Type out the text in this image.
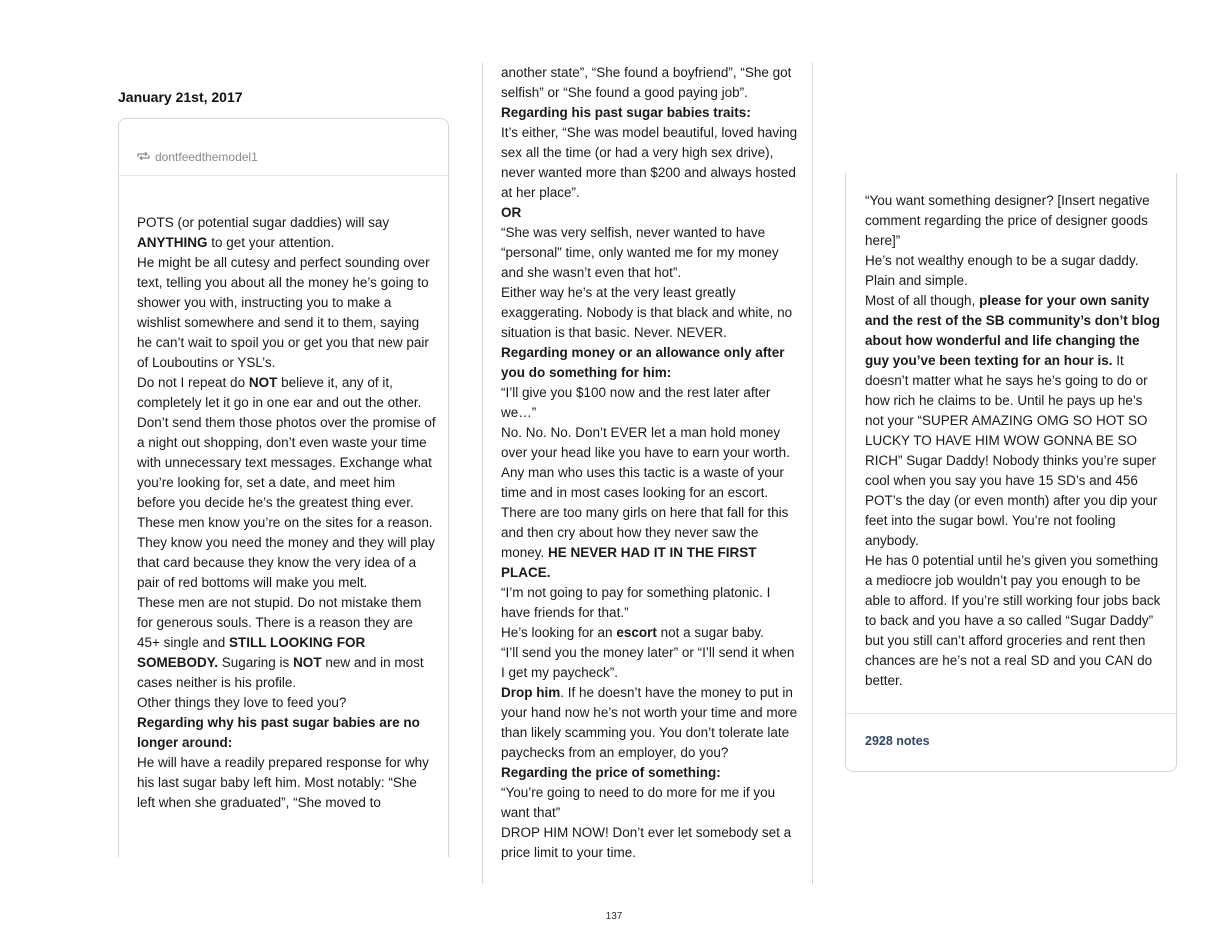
January 21st, 2017
dontfeedthemodel1

POTS (or potential sugar daddies) will say ANYTHING to get your attention.

He might be all cutesy and perfect sounding over text, telling you about all the money he’s going to shower you with, instructing you to make a wishlist somewhere and send it to them, saying he can’t wait to spoil you or get you that new pair of Louboutins or YSL’s.

Do not I repeat do NOT believe it, any of it, completely let it go in one ear and out the other. Don’t send them those photos over the promise of a night out shopping, don’t even waste your time with unnecessary text messages. Exchange what you’re looking for, set a date, and meet him before you decide he’s the greatest thing ever.

These men know you’re on the sites for a reason. They know you need the money and they will play that card because they know the very idea of a pair of red bottoms will make you melt.

These men are not stupid. Do not mistake them for generous souls. There is a reason they are 45+ single and STILL LOOKING FOR SOMEBODY. Sugaring is NOT new and in most cases neither is his profile.

Other things they love to feed you?

Regarding why his past sugar babies are no longer around:

He will have a readily prepared response for why his last sugar baby left him. Most notably: “She left when she graduated”, “She moved to

another state”, “She found a boyfriend”, “She got selfish” or “She found a good paying job”.

Regarding his past sugar babies traits:

It’s either, “She was model beautiful, loved having sex all the time (or had a very high sex drive), never wanted more than $200 and always hosted at her place”.

OR

“She was very selfish, never wanted to have “personal” time, only wanted me for my money and she wasn’t even that hot”.

Either way he’s at the very least greatly exaggerating. Nobody is that black and white, no situation is that basic. Never. NEVER.

Regarding money or an allowance only after you do something for him:

“I’ll give you $100 now and the rest later after we…”

No. No. No. Don’t EVER let a man hold money over your head like you have to earn your worth. Any man who uses this tactic is a waste of your time and in most cases looking for an escort. There are too many girls on here that fall for this and then cry about how they never saw the money. HE NEVER HAD IT IN THE FIRST PLACE.

“I’m not going to pay for something platonic. I have friends for that.”

He’s looking for an escort not a sugar baby.

“I’ll send you the money later” or “I’ll send it when I get my paycheck”.

Drop him. If he doesn’t have the money to put in your hand now he’s not worth your time and more than likely scamming you. You don’t tolerate late paychecks from an employer, do you?

Regarding the price of something:

“You’re going to need to do more for me if you want that”

DROP HIM NOW! Don’t ever let somebody set a price limit to your time.

“You want something designer? [Insert negative comment regarding the price of designer goods here]”

He’s not wealthy enough to be a sugar daddy. Plain and simple.

Most of all though, please for your own sanity and the rest of the SB community’s don’t blog about how wonderful and life changing the guy you’ve been texting for an hour is. It doesn’t matter what he says he’s going to do or how rich he claims to be. Until he pays up he’s not your “SUPER AMAZING OMG SO HOT SO LUCKY TO HAVE HIM WOW GONNA BE SO RICH” Sugar Daddy! Nobody thinks you’re super cool when you say you have 15 SD’s and 456 POT’s the day (or even month) after you dip your feet into the sugar bowl. You’re not fooling anybody.

He has 0 potential until he’s given you something a mediocre job wouldn’t pay you enough to be able to afford. If you’re still working four jobs back to back and you have a so called “Sugar Daddy” but you still can’t afford groceries and rent then chances are he’s not a real SD and you CAN do better.

2928 notes
137
